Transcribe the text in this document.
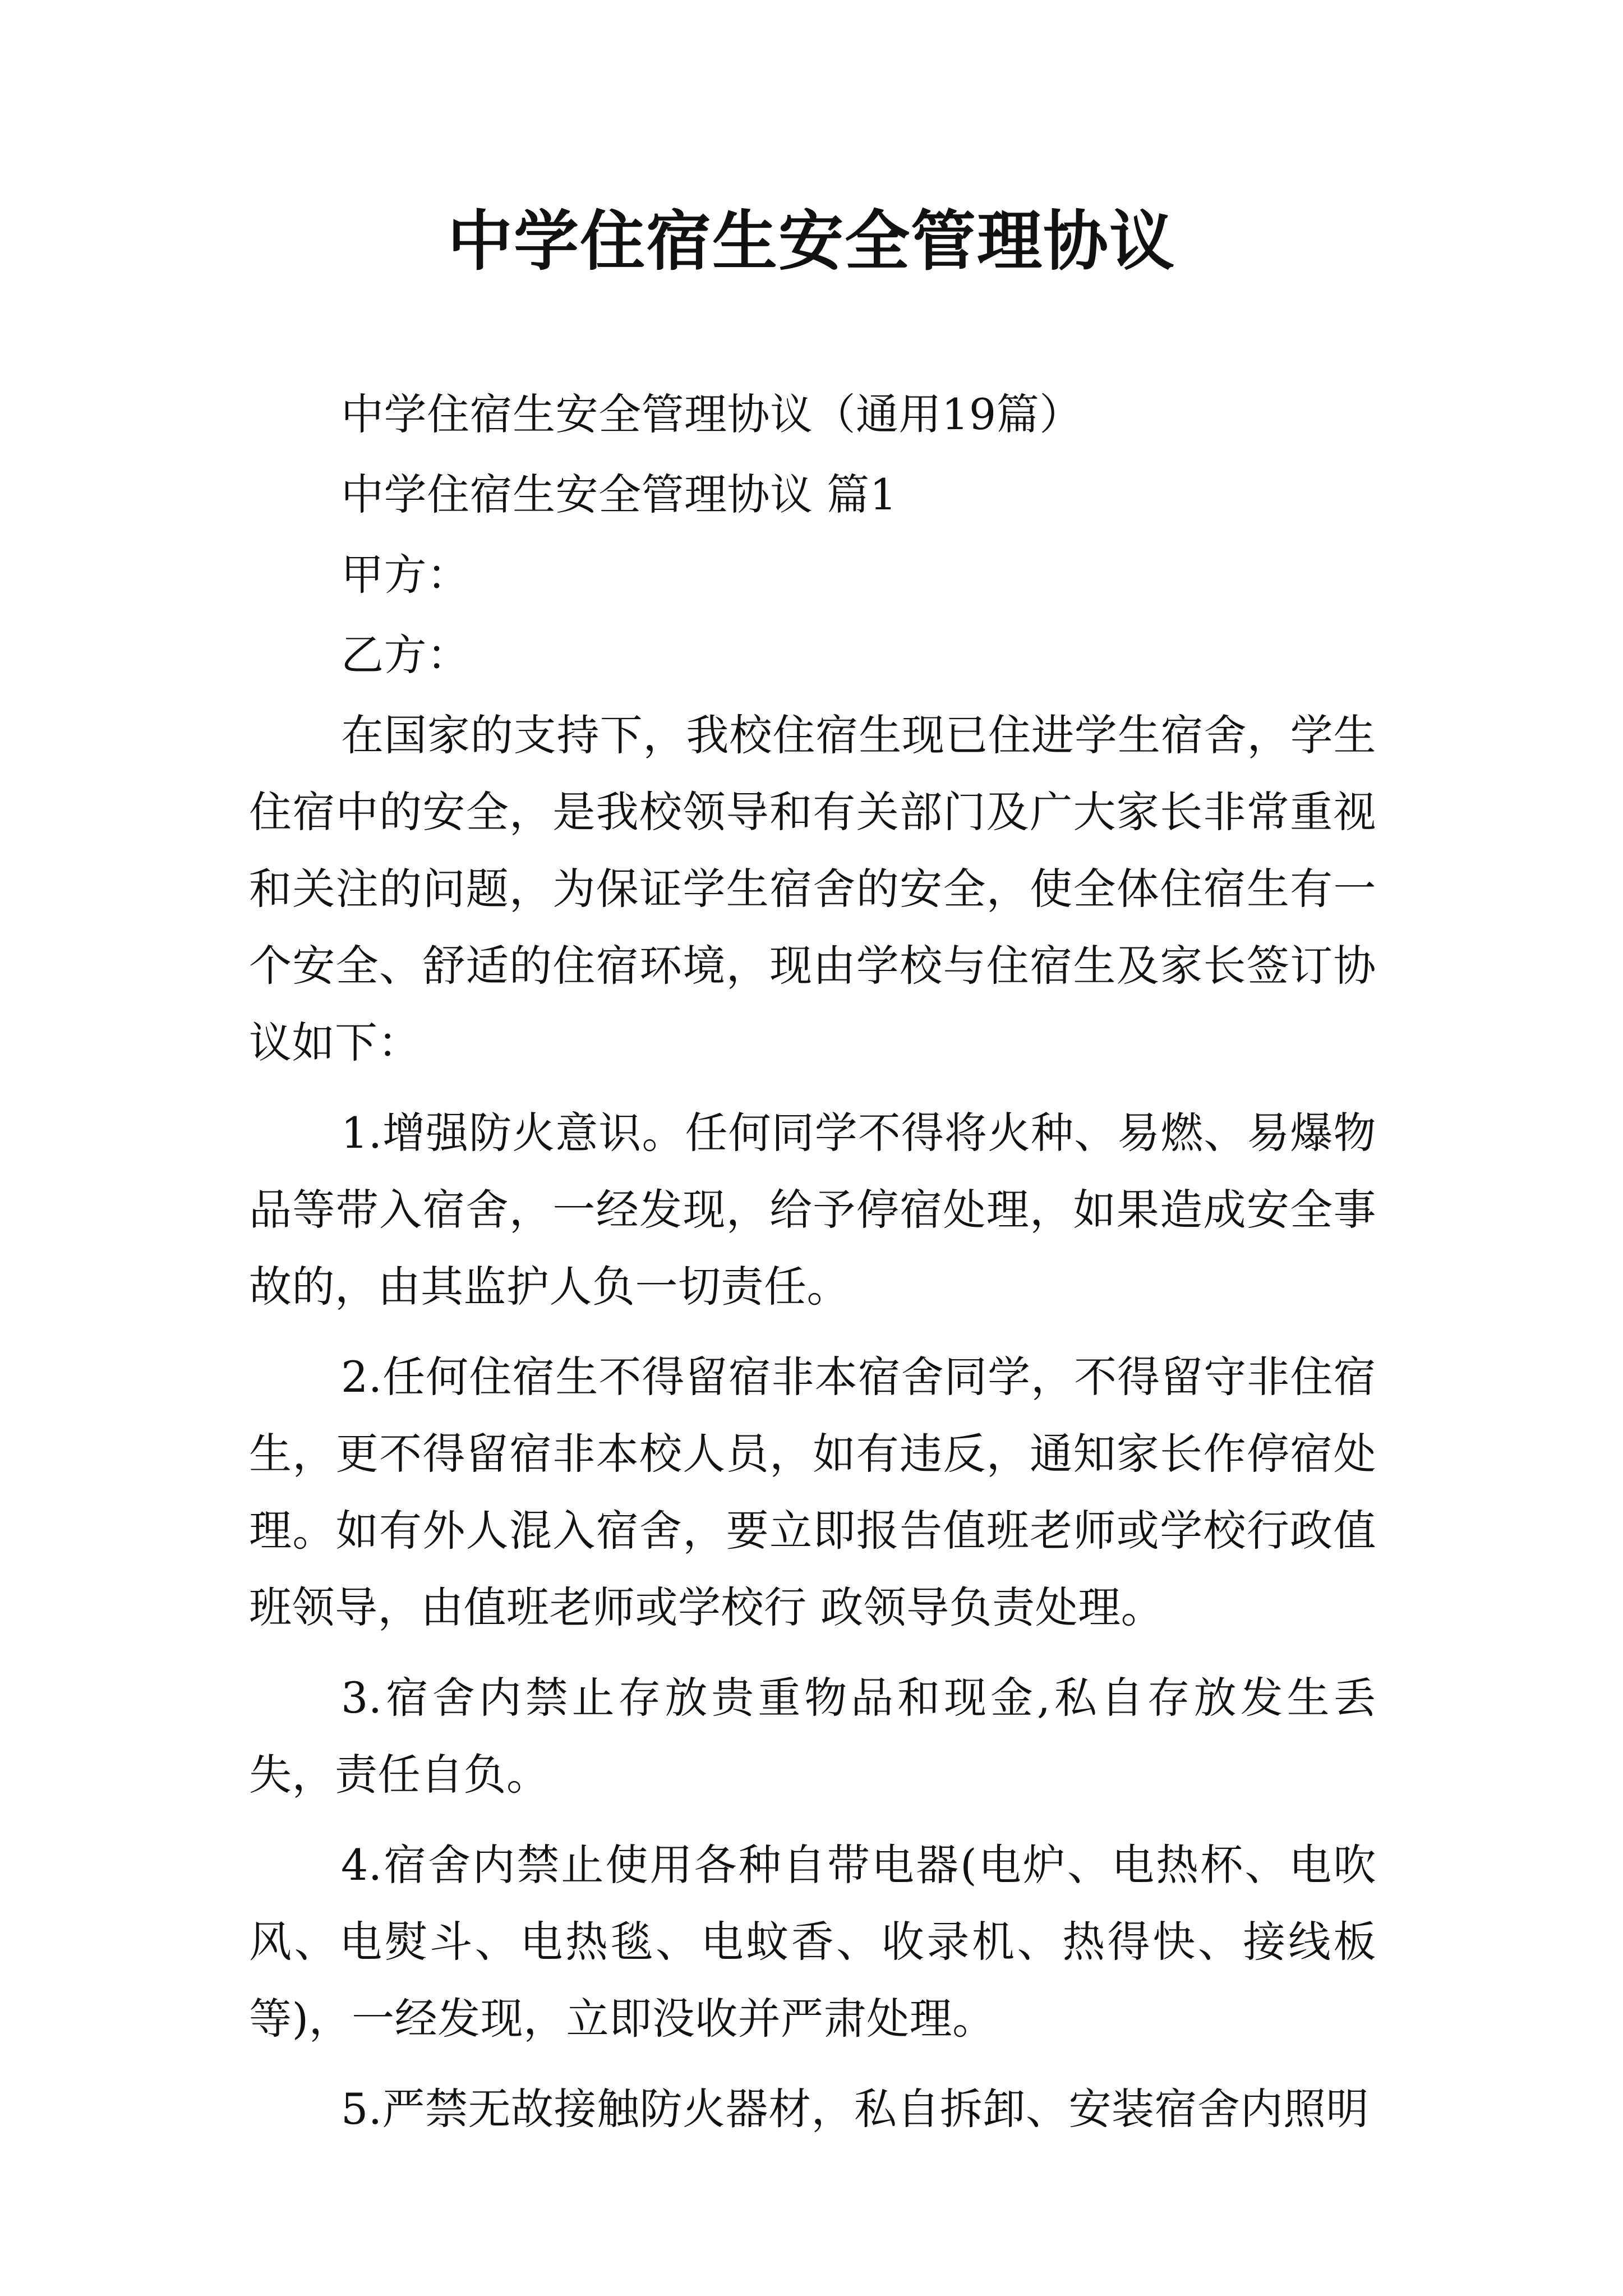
中学住宿生安全管理协议

中学住宿生安全管理协议（通用19篇）

中学住宿生安全管理协议 篇1

甲方：

乙方：

在国家的支持下，我校住宿生现已住进学生宿舍，学生住宿中的安全，是我校领导和有关部门及广大家长非常重视和关注的问题，为保证学生宿舍的安全，使全体住宿生有一个安全、舒适的住宿环境，现由学校与住宿生及家长签订协议如下：

1.增强防火意识。任何同学不得将火种、易燃、易爆物品等带入宿舍，一经发现，给予停宿处理，如果造成安全事故的，由其监护人负一切责任。

2.任何住宿生不得留宿非本宿舍同学，不得留守非住宿生，更不得留宿非本校人员，如有违反，通知家长作停宿处理。如有外人混入宿舍，要立即报告值班老师或学校行政值班领导，由值班老师或学校行 政领导负责处理。

3.宿舍内禁止存放贵重物品和现金,私自存放发生丢失，责任自负。

4.宿舍内禁止使用各种自带电器(电炉、电热杯、电吹风、电熨斗、电热毯、电蚊香、收录机、热得快、接线板等)，一经发现，立即没收并严肃处理。

5.严禁无故接触防火器材，私自拆卸、安装宿舍内照明
